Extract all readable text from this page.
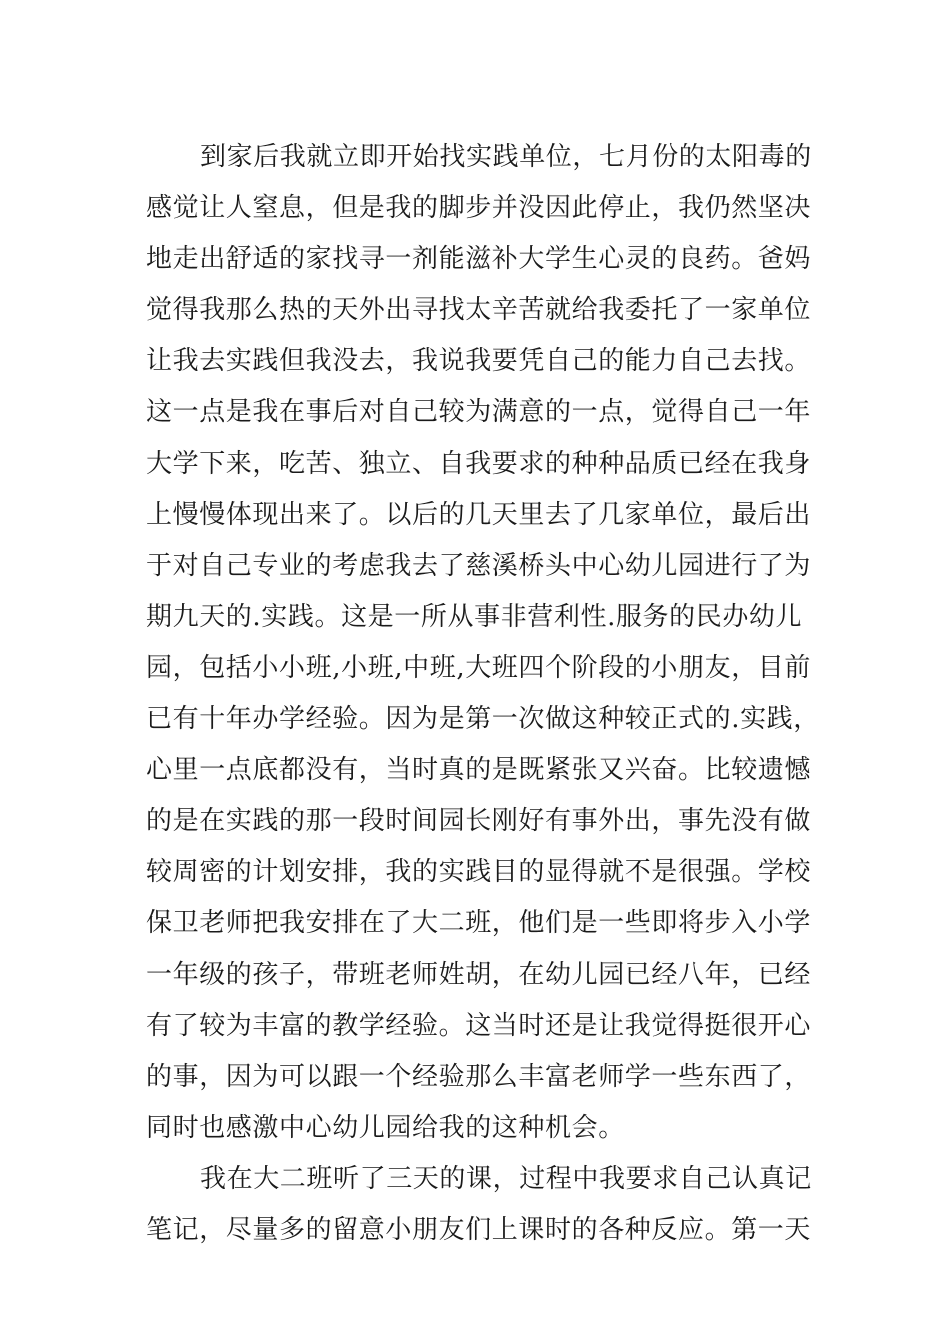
到家后我就立即开始找实践单位，七月份的太阳毒的
感觉让人窒息，但是我的脚步并没因此停止，我仍然坚决
地走出舒适的家找寻一剂能滋补大学生心灵的良药。爸妈
觉得我那么热的天外出寻找太辛苦就给我委托了一家单位
让我去实践但我没去，我说我要凭自己的能力自己去找。
这一点是我在事后对自己较为满意的一点，觉得自己一年
大学下来，吃苦、独立、自我要求的种种品质已经在我身
上慢慢体现出来了。以后的几天里去了几家单位，最后出
于对自己专业的考虑我去了慈溪桥头中心幼儿园进行了为
期九天的.实践。这是一所从事非营利性.服务的民办幼儿
园，包括小小班,小班,中班,大班四个阶段的小朋友，目前
已有十年办学经验。因为是第一次做这种较正式的.实践，
心里一点底都没有，当时真的是既紧张又兴奋。比较遗憾
的是在实践的那一段时间园长刚好有事外出，事先没有做
较周密的计划安排，我的实践目的显得就不是很强。学校
保卫老师把我安排在了大二班，他们是一些即将步入小学
一年级的孩子，带班老师姓胡，在幼儿园已经八年，已经
有了较为丰富的教学经验。这当时还是让我觉得挺很开心
的事，因为可以跟一个经验那么丰富老师学一些东西了，
同时也感激中心幼儿园给我的这种机会。
我在大二班听了三天的课，过程中我要求自己认真记
笔记，尽量多的留意小朋友们上课时的各种反应。第一天
